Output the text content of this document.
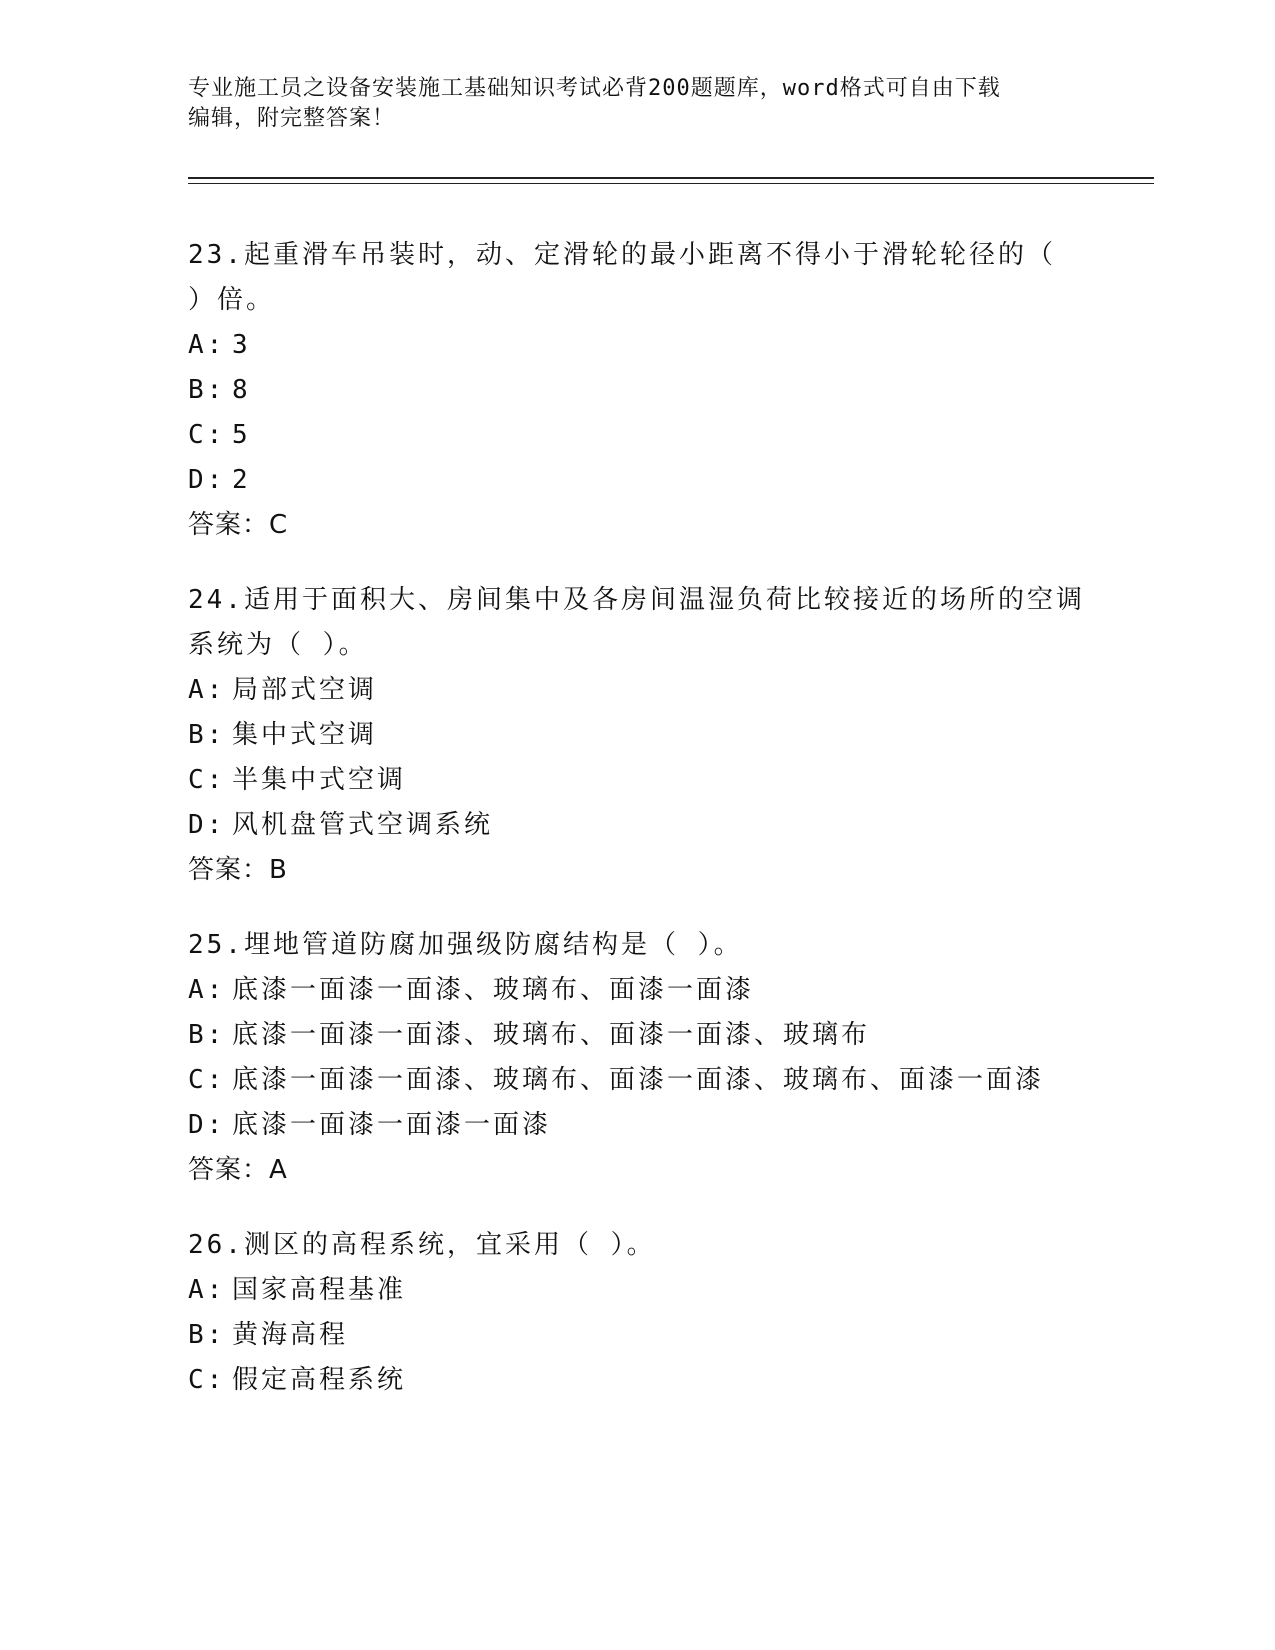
专业施工员之设备安装施工基础知识考试必背200题题库，word格式可自由下载
编辑，附完整答案！
23.起重滑车吊装时，动、定滑轮的最小距离不得小于滑轮轮径的（
）倍。
A: 3
B: 8
C: 5
D: 2
答案：C
24.适用于面积大、房间集中及各房间温湿负荷比较接近的场所的空调
系统为（ ）。
A: 局部式空调
B: 集中式空调
C: 半集中式空调
D: 风机盘管式空调系统
答案：B
25.埋地管道防腐加强级防腐结构是（ ）。
A: 底漆一面漆一面漆、玻璃布、面漆一面漆
B: 底漆一面漆一面漆、玻璃布、面漆一面漆、玻璃布
C: 底漆一面漆一面漆、玻璃布、面漆一面漆、玻璃布、面漆一面漆
D: 底漆一面漆一面漆一面漆
答案：A
26.测区的高程系统，宜采用（ ）。
A: 国家高程基准
B: 黄海高程
C: 假定高程系统
